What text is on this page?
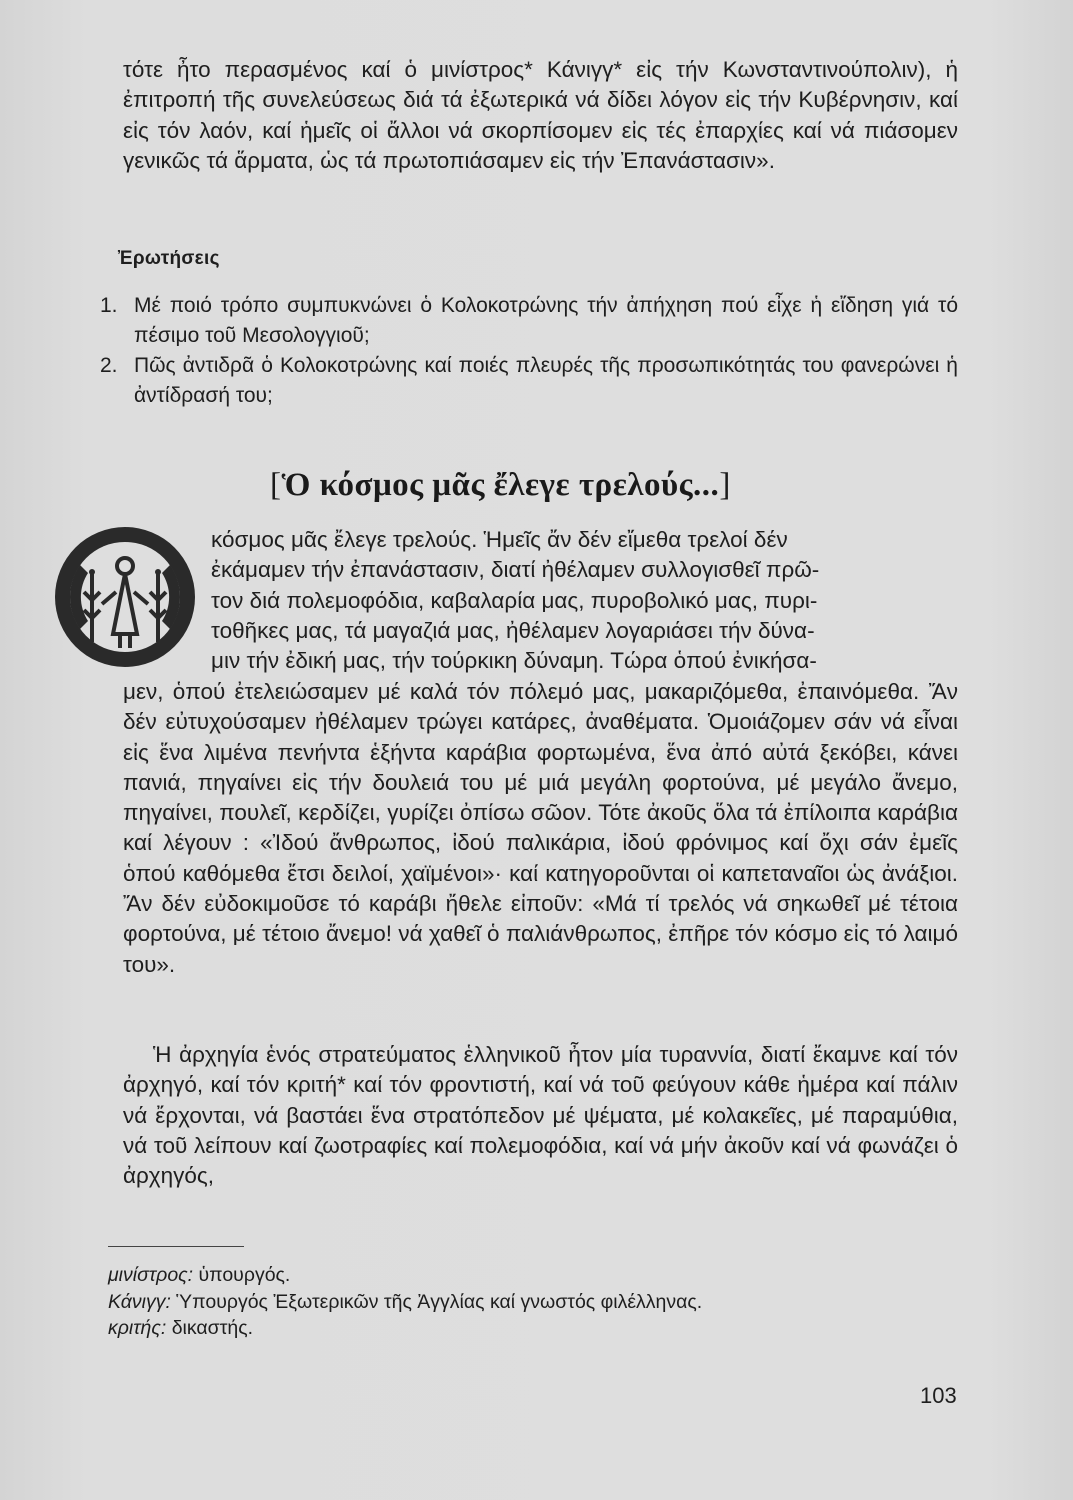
τότε ἦτο περασμένος καί ὁ μινίστρος* Κάνιγγ* εἰς τήν Κωνσταντινούπολιν), ἡ ἐπιτροπή τῆς συνελεύσεως διά τά ἐξωτερικά νά δίδει λόγον εἰς τήν Κυβέρνησιν, καί εἰς τόν λαόν, καί ἡμεῖς οἱ ἄλλοι νά σκορπίσομεν εἰς τές ἐπαρχίες καί νά πιάσομεν γενικῶς τά ἅρματα, ὡς τά πρωτοπιάσαμεν εἰς τήν Ἐπανάστασιν».

Ἐρωτήσεις

1. Μέ ποιό τρόπο συμπυκνώνει ὁ Κολοκοτρώνης τήν ἀπήχηση πού εἶχε ἡ εἴδηση γιά τό πέσιμο τοῦ Μεσολογγιοῦ;
2. Πῶς ἀντιδρᾶ ὁ Κολοκοτρώνης καί ποιές πλευρές τῆς προσωπικότητάς του φανερώνει ἡ ἀντίδρασή του;
[Ὁ κόσμος μᾶς ἔλεγε τρελούς...]
κόσμος μᾶς ἔλεγε τρελούς. Ἡμεῖς ἄν δέν εἴμεθα τρελοί δέν
ἐκάμαμεν τήν ἐπανάστασιν, διατί ἠθέλαμεν συλλογισθεῖ πρῶ-
τον διά πολεμοφόδια, καβαλαρία μας, πυροβολικό μας, πυρι-
τοθῆκες μας, τά μαγαζιά μας, ἠθέλαμεν λογαριάσει τήν δύνα-
μιν τήν ἐδική μας, τήν τούρκικη δύναμη. Τώρα ὁπού ἐνικήσα-

μεν, ὁπού ἐτελειώσαμεν μέ καλά τόν πόλεμό μας, μακαριζόμεθα, ἐπαινόμεθα. Ἄν δέν εὐτυχούσαμεν ἠθέλαμεν τρώγει κατάρες, ἀναθέματα. Ὁμοιάζομεν σάν νά εἶναι εἰς ἕνα λιμένα πενήντα ἑξήντα καράβια φορτωμένα, ἕνα ἀπό αὐτά ξεκόβει, κάνει πανιά, πηγαίνει εἰς τήν δουλειά του μέ μιά μεγάλη φορτούνα, μέ μεγάλο ἄνεμο, πηγαίνει, πουλεῖ, κερδίζει, γυρίζει ὀπίσω σῶον. Τότε ἀκοῦς ὅλα τά ἐπίλοιπα καράβια καί λέγουν : «Ἰδού ἄνθρωπος, ἰδού παλικάρια, ἰδού φρόνιμος καί ὄχι σάν ἐμεῖς ὁπού καθόμεθα ἔτσι δειλοί, χαϊμένοι»· καί κατηγοροῦνται οἱ καπεταναῖοι ὡς ἀνάξιοι. Ἄν δέν εὐδοκιμοῦσε τό καράβι ἤθελε εἰποῦν: «Μά τί τρελός νά σηκωθεῖ μέ τέτοια φορτούνα, μέ τέτοιο ἄνεμο! νά χαθεῖ ὁ παλιάνθρωπος, ἐπῆρε τόν κόσμο εἰς τό λαιμό του».

Ἡ ἀρχηγία ἑνός στρατεύματος ἑλληνικοῦ ἦτον μία τυραννία, διατί ἔκαμνε καί τόν ἀρχηγό, καί τόν κριτή* καί τόν φροντιστή, καί νά τοῦ φεύγουν κάθε ἡμέρα καί πάλιν νά ἔρχονται, νά βαστάει ἕνα στρατόπεδον μέ ψέματα, μέ κολακεῖες, μέ παραμύθια, νά τοῦ λείπουν καί ζωοτραφίες καί πολεμοφόδια, καί νά μήν ἀκοῦν καί νά φωνάζει ὁ ἀρχηγός,

μινίστρος: ὑπουργός.

Κάνιγγ: Ὑπουργός Ἐξωτερικῶν τῆς Ἀγγλίας καί γνωστός φιλέλληνας.

κριτής: δικαστής.

103
